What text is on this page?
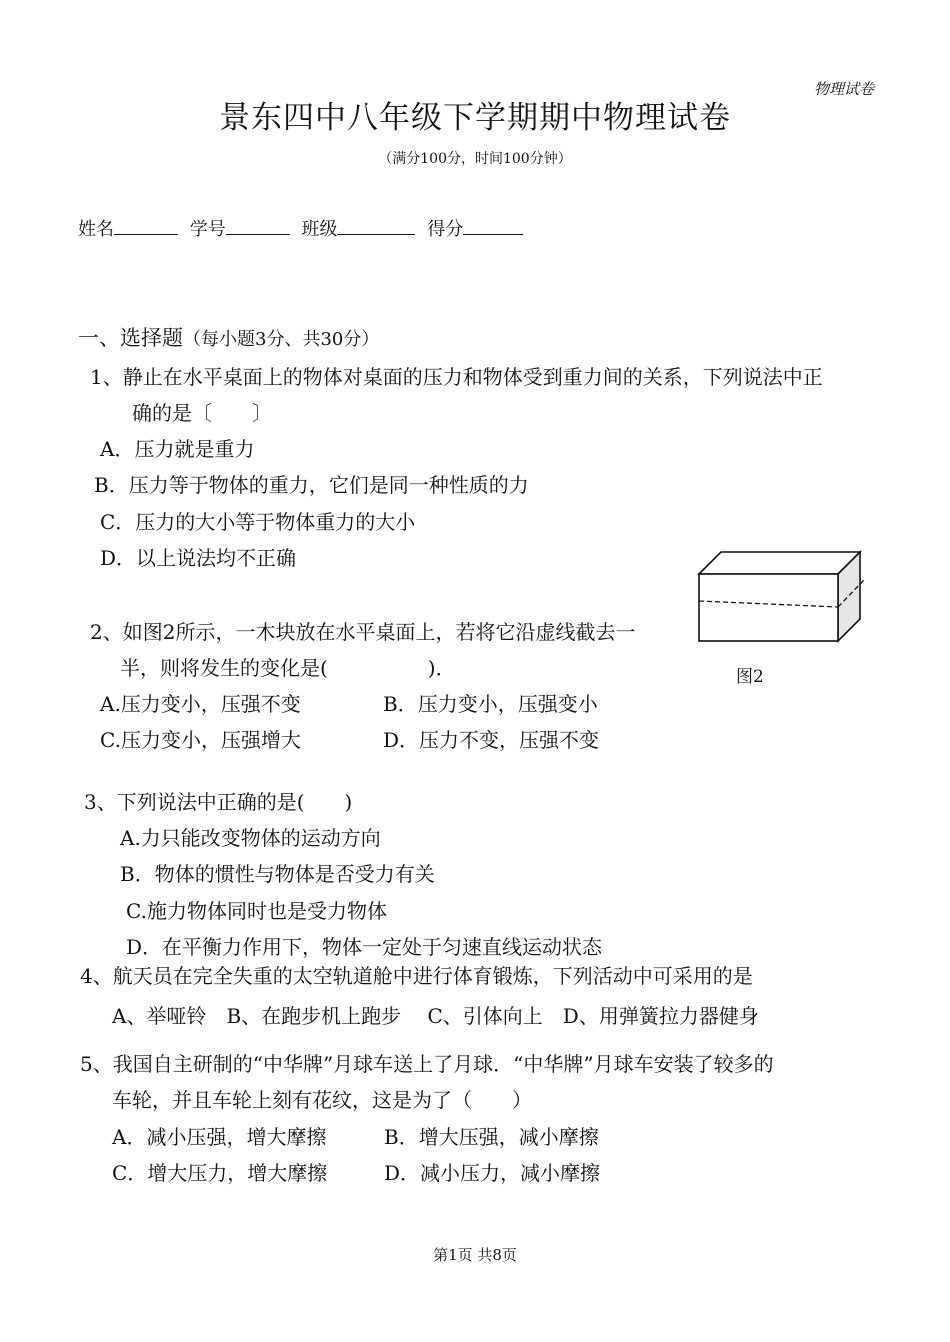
物理试卷
景东四中八年级下学期期中物理试卷
（满分100分，时间100分钟）
姓名	学号	班级	得分
一、选择题（每小题3分、共30分）
1、静止在水平桌面上的物体对桌面的压力和物体受到重力间的关系，下列说法中正
确的是〔　　〕
A．压力就是重力
B．压力等于物体的重力，它们是同一种性质的力
C．压力的大小等于物体重力的大小
D．以上说法均不正确
图2
2、如图2所示，一木块放在水平桌面上，若将它沿虚线截去一
半，则将发生的变化是(　　　　　)．
A.压力变小，压强不变	B．压力变小，压强变小
C.压力变小，压强增大	D．压力不变，压强不变
3、下列说法中正确的是(　　)
A.力只能改变物体的运动方向
B．物体的惯性与物体是否受力有关
C.施力物体同时也是受力物体
D．在平衡力作用下，物体一定处于匀速直线运动状态
4、航天员在完全失重的太空轨道舱中进行体育锻炼，下列活动中可采用的是
A、举哑铃　B、在跑步机上跑步　 C、引体向上　D、用弹簧拉力器健身
5、我国自主研制的“中华牌”月球车送上了月球．“中华牌”月球车安装了较多的
车轮，并且车轮上刻有花纹，这是为了（　　）
A．减小压强，增大摩擦	B．增大压强，减小摩擦
C．增大压力，增大摩擦	D．减小压力，减小摩擦
第1页 共8页
